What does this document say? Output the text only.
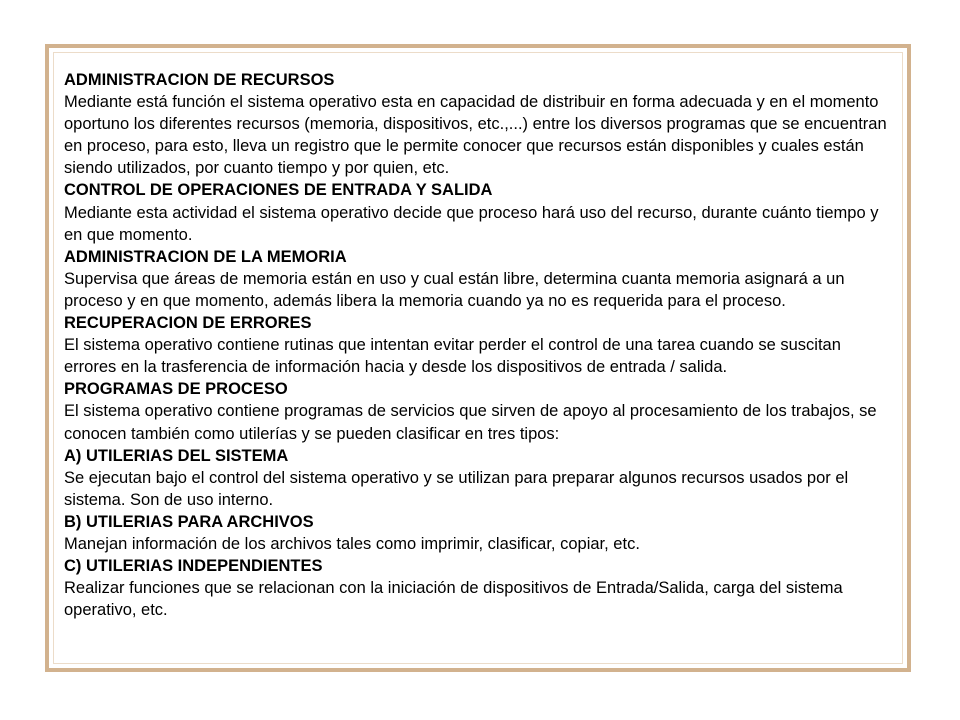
ADMINISTRACION DE RECURSOS

Mediante está función el sistema operativo esta en capacidad de distribuir en forma adecuada y en el momento oportuno los diferentes recursos (memoria, dispositivos, etc.,...) entre los diversos programas que se encuentran en proceso, para esto, lleva un registro que le permite conocer que recursos están disponibles y cuales están siendo utilizados, por cuanto tiempo y por quien, etc.

CONTROL DE OPERACIONES DE ENTRADA Y SALIDA

Mediante esta actividad el sistema operativo decide que proceso hará uso del recurso, durante cuánto tiempo y en que momento.

ADMINISTRACION DE LA MEMORIA

Supervisa que áreas de memoria están en uso y cual están libre, determina cuanta memoria asignará a un proceso y en que momento, además libera la memoria cuando ya no es requerida para el proceso.

RECUPERACION DE ERRORES

El sistema operativo contiene rutinas que intentan evitar perder el control de una tarea cuando se suscitan errores en la trasferencia de información hacia y desde los dispositivos de entrada / salida.

PROGRAMAS DE PROCESO

El sistema operativo contiene programas de servicios que sirven de apoyo al procesamiento de los trabajos, se conocen también como utilerías y se pueden clasificar en tres tipos:

A) UTILERIAS DEL SISTEMA

Se ejecutan bajo el control del sistema operativo y se utilizan para preparar algunos recursos usados por el sistema. Son de uso interno.

B) UTILERIAS PARA ARCHIVOS

Manejan información de los archivos tales como imprimir, clasificar, copiar, etc.

C) UTILERIAS INDEPENDIENTES

Realizar funciones que se relacionan con la iniciación de dispositivos de Entrada/Salida, carga del sistema operativo, etc.
